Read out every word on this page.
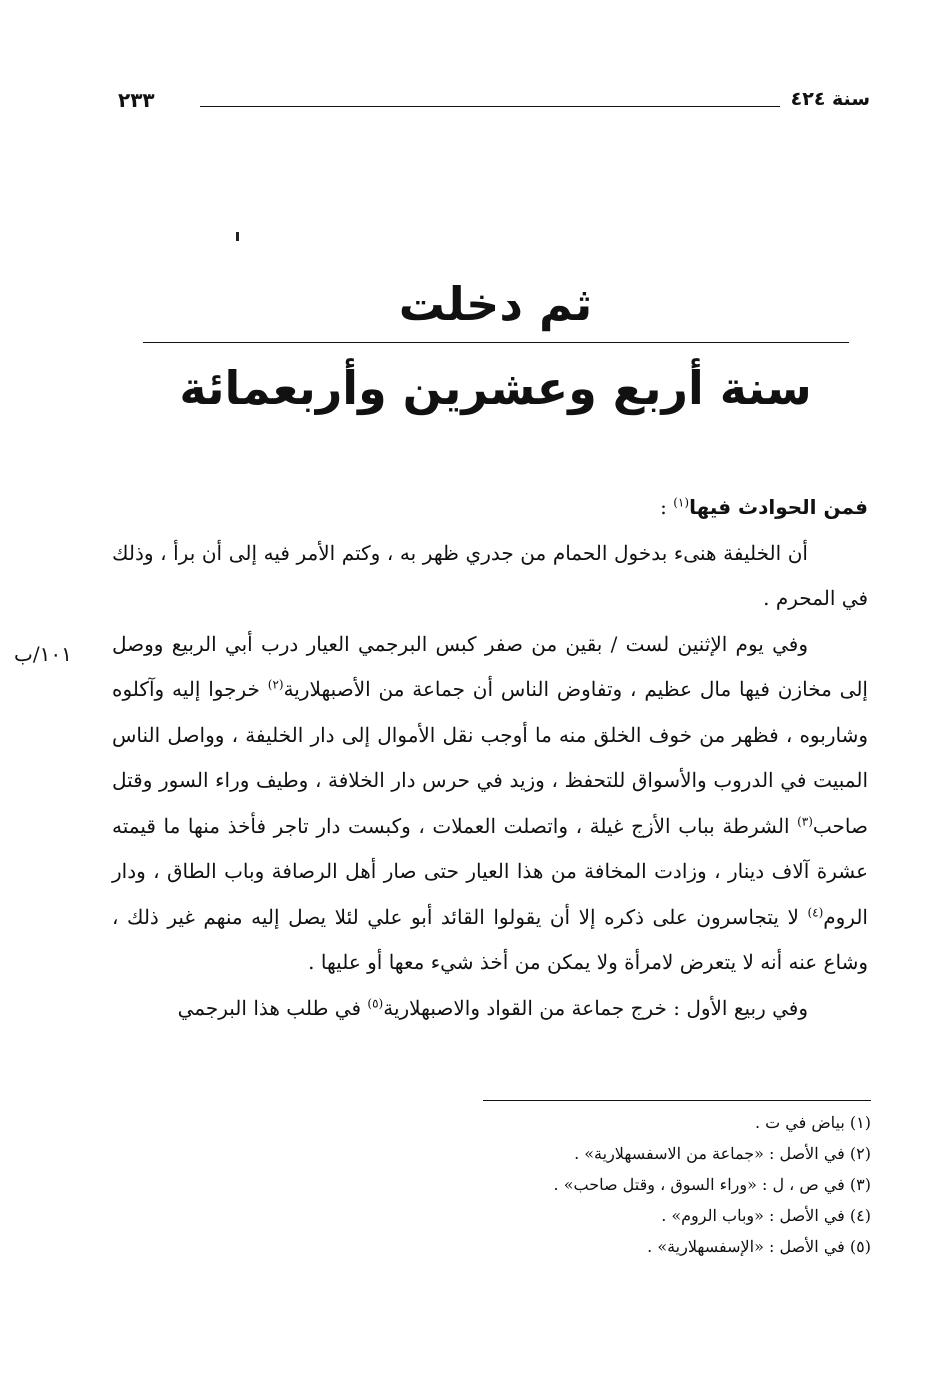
سنة ٤٢٤
٢٣٣
ثم دخلت
سنة أربع وعشرين وأربعمائة
١٠١/ب

فمن الحوادث فيها$^{(١)}$ :

أن الخليفة هنىء بدخول الحمام من جدري ظهر به ، وكتم الأمر فيه إلى أن برأ ، وذلك في المحرم .

وفي يوم الإثنين لست / بقين من صفر كبس البرجمي العيار درب أبي الربيع ووصل إلى مخازن فيها مال عظيم ، وتفاوض الناس أن جماعة من الأصبهلارية$^{(٢)}$ خرجوا إليه وآكلوه وشاربوه ، فظهر من خوف الخلق منه ما أوجب نقل الأموال إلى دار الخليفة ، وواصل الناس المبيت في الدروب والأسواق للتحفظ ، وزيد في حرس دار الخلافة ، وطيف وراء السور وقتل صاحب$^{(٣)}$ الشرطة بباب الأزج غيلة ، واتصلت العملات ، وكبست دار تاجر فأخذ منها ما قيمته عشرة آلاف دينار ، وزادت المخافة من هذا العيار حتى صار أهل الرصافة وباب الطاق ، ودار الروم$^{(٤)}$ لا يتجاسرون على ذكره إلا أن يقولوا القائد أبو علي لئلا يصل إليه منهم غير ذلك ، وشاع عنه أنه لا يتعرض لامرأة ولا يمكن من أخذ شيء معها أو عليها .

وفي ربيع الأول : خرج جماعة من القواد والاصبهلارية$^{(٥)}$ في طلب هذا البرجمي

(١) بياض في ت .
(٢) في الأصل : «جماعة من الاسفسهلارية» .
(٣) في ص ، ل : «وراء السوق ، وقتل صاحب» .
(٤) في الأصل : «وباب الروم» .
(٥) في الأصل : «الإسفسهلارية» .
